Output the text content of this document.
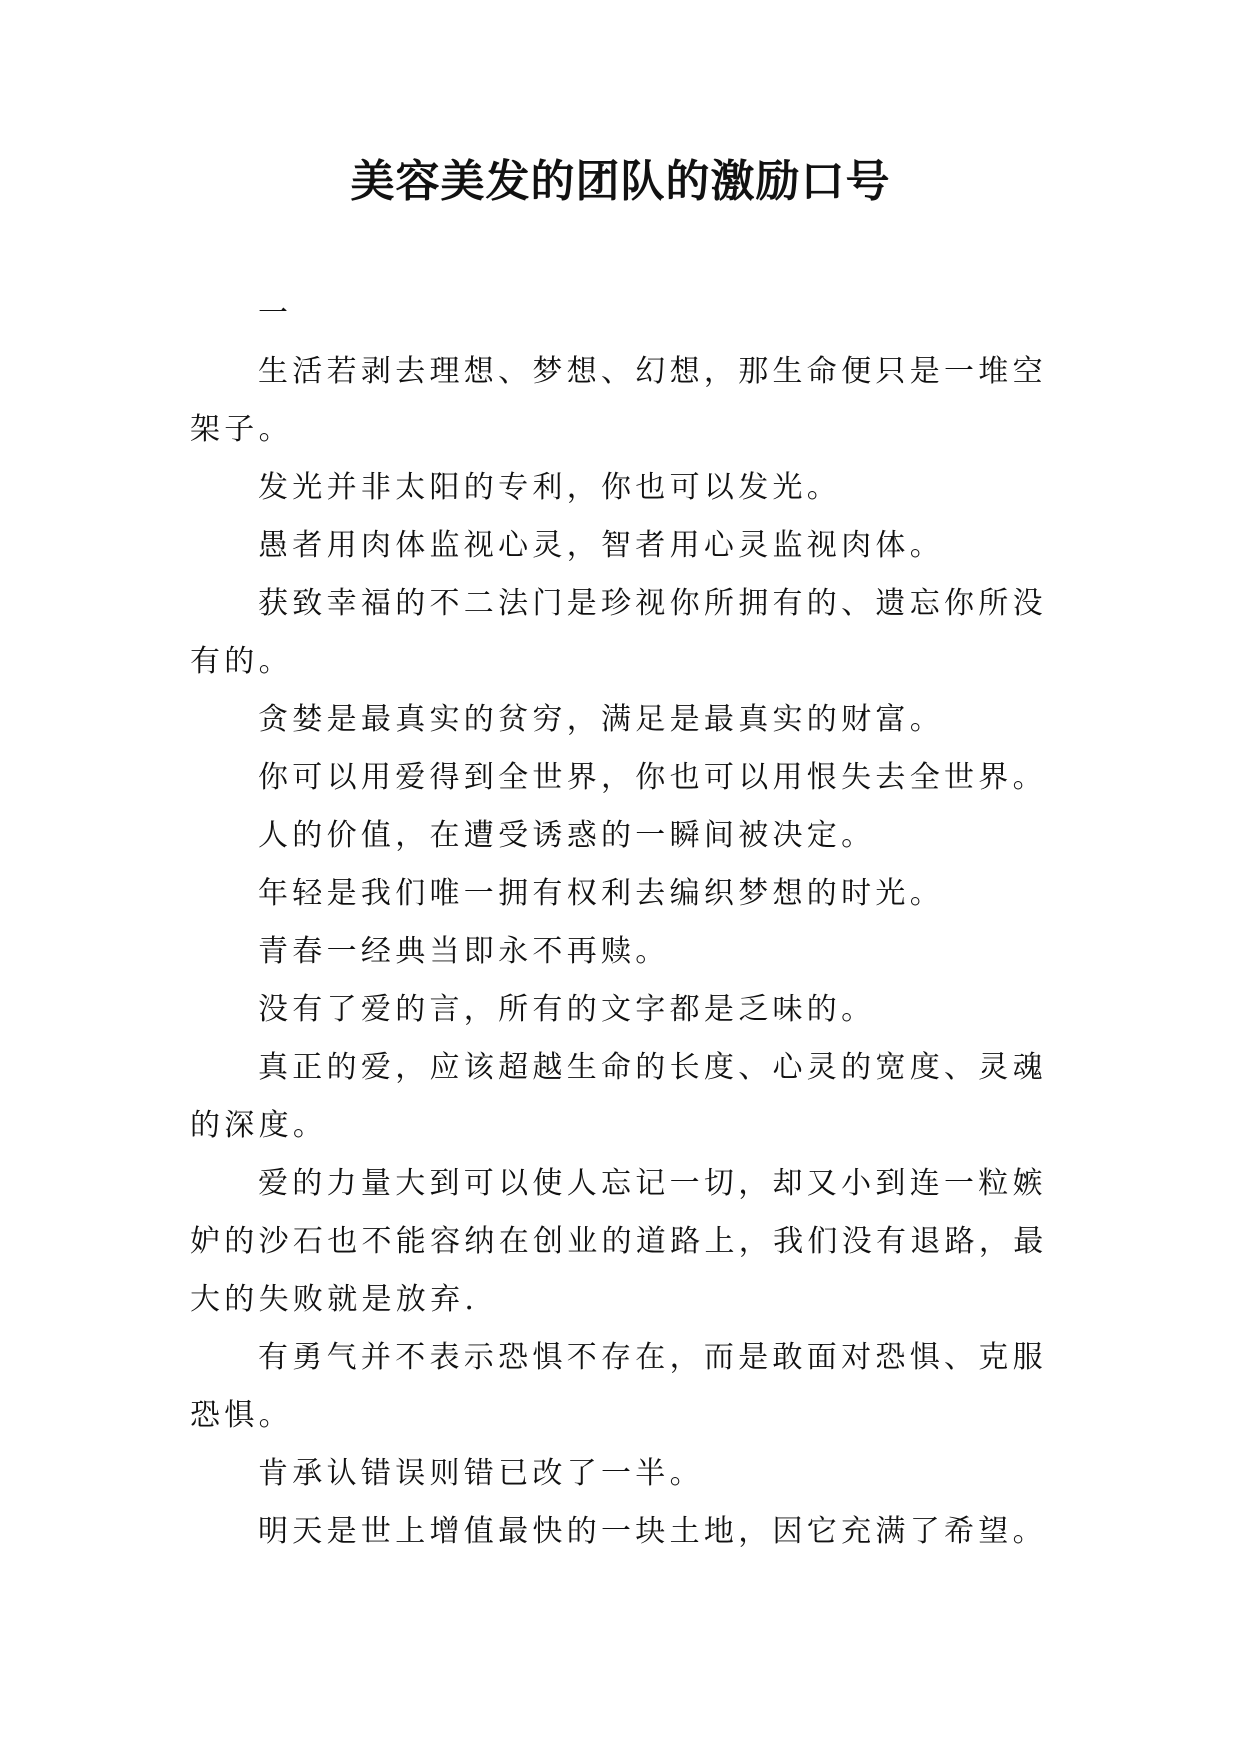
美容美发的团队的激励口号

一

生活若剥去理想、梦想、幻想，那生命便只是一堆空架子。

发光并非太阳的专利，你也可以发光。

愚者用肉体监视心灵，智者用心灵监视肉体。

获致幸福的不二法门是珍视你所拥有的、遗忘你所没有的。

贪婪是最真实的贫穷，满足是最真实的财富。

你可以用爱得到全世界，你也可以用恨失去全世界。

人的价值，在遭受诱惑的一瞬间被决定。

年轻是我们唯一拥有权利去编织梦想的时光。

青春一经典当即永不再赎。

没有了爱的言，所有的文字都是乏味的。

真正的爱，应该超越生命的长度、心灵的宽度、灵魂的深度。

爱的力量大到可以使人忘记一切，却又小到连一粒嫉妒的沙石也不能容纳在创业的道路上，我们没有退路，最大的失败就是放弃.

有勇气并不表示恐惧不存在，而是敢面对恐惧、克服恐惧。

肯承认错误则错已改了一半。

明天是世上增值最快的一块土地，因它充满了希望。
